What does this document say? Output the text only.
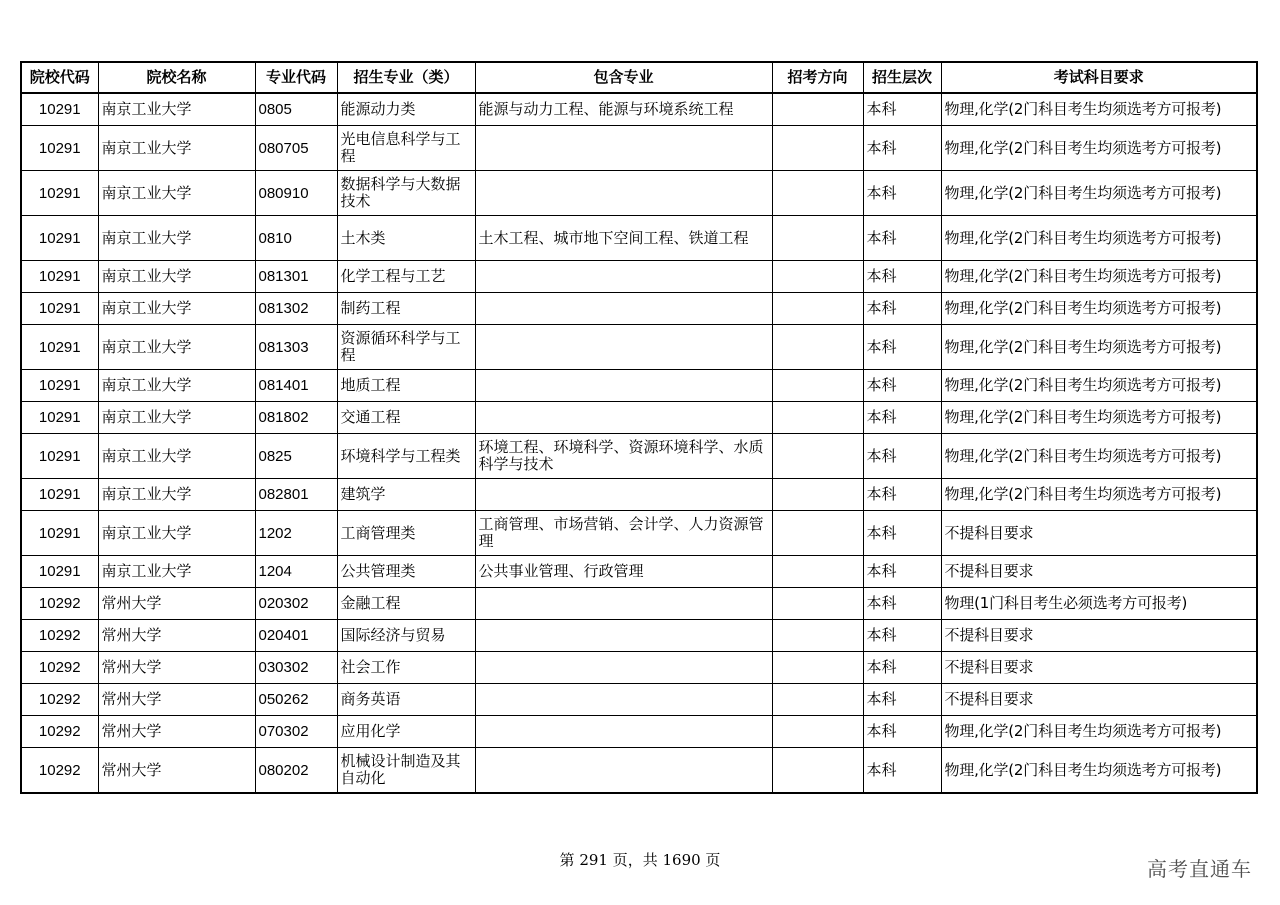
院校代码	院校名称	专业代码	招生专业（类）	包含专业	招考方向	招生层次	考试科目要求
10291	南京工业大学	0805	能源动力类	能源与动力工程、能源与环境系统工程		本科	物理,化学(2门科目考生均须选考方可报考)
10291	南京工业大学	080705	光电信息科学与工程			本科	物理,化学(2门科目考生均须选考方可报考)
10291	南京工业大学	080910	数据科学与大数据技术			本科	物理,化学(2门科目考生均须选考方可报考)
10291	南京工业大学	0810	土木类	土木工程、城市地下空间工程、铁道工程		本科	物理,化学(2门科目考生均须选考方可报考)
10291	南京工业大学	081301	化学工程与工艺			本科	物理,化学(2门科目考生均须选考方可报考)
10291	南京工业大学	081302	制药工程			本科	物理,化学(2门科目考生均须选考方可报考)
10291	南京工业大学	081303	资源循环科学与工程			本科	物理,化学(2门科目考生均须选考方可报考)
10291	南京工业大学	081401	地质工程			本科	物理,化学(2门科目考生均须选考方可报考)
10291	南京工业大学	081802	交通工程			本科	物理,化学(2门科目考生均须选考方可报考)
10291	南京工业大学	0825	环境科学与工程类	环境工程、环境科学、资源环境科学、水质科学与技术		本科	物理,化学(2门科目考生均须选考方可报考)
10291	南京工业大学	082801	建筑学			本科	物理,化学(2门科目考生均须选考方可报考)
10291	南京工业大学	1202	工商管理类	工商管理、市场营销、会计学、人力资源管理		本科	不提科目要求
10291	南京工业大学	1204	公共管理类	公共事业管理、行政管理		本科	不提科目要求
10292	常州大学	020302	金融工程			本科	物理(1门科目考生必须选考方可报考)
10292	常州大学	020401	国际经济与贸易			本科	不提科目要求
10292	常州大学	030302	社会工作			本科	不提科目要求
10292	常州大学	050262	商务英语			本科	不提科目要求
10292	常州大学	070302	应用化学			本科	物理,化学(2门科目考生均须选考方可报考)
10292	常州大学	080202	机械设计制造及其自动化			本科	物理,化学(2门科目考生均须选考方可报考)
第 291 页，共 1690 页	高考直通车
